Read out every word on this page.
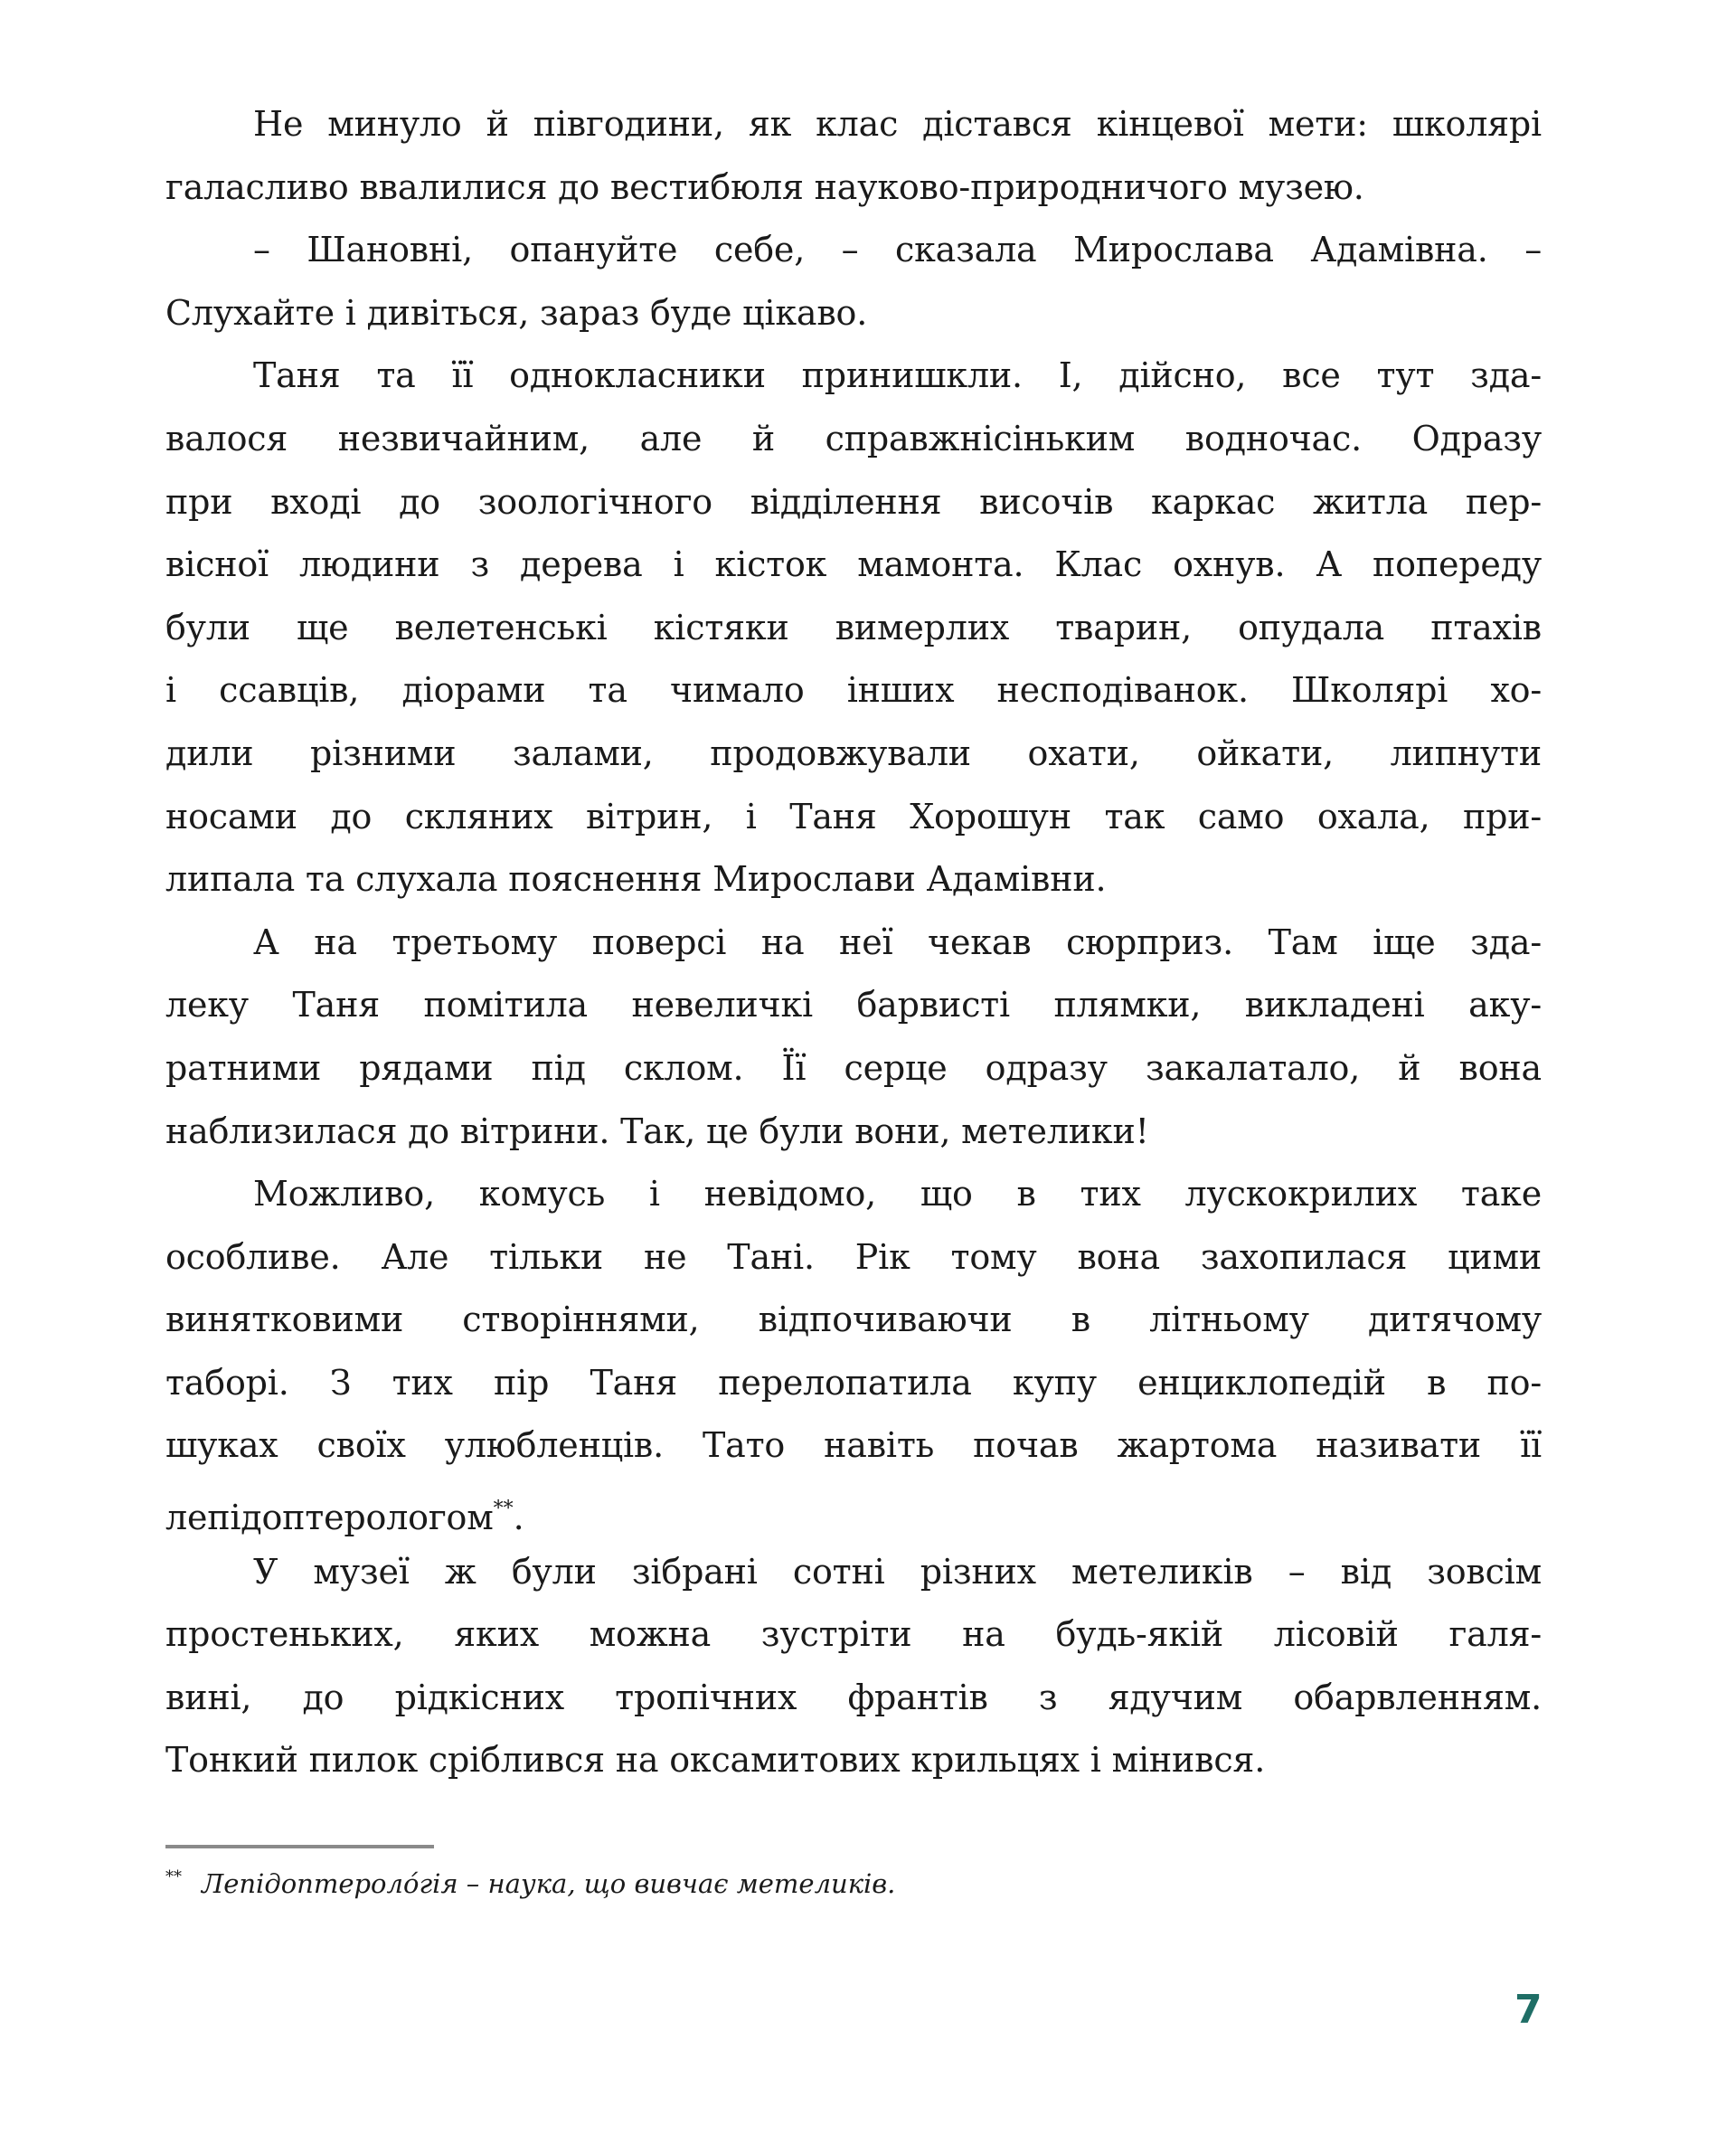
Не минуло й півгодини, як клас дістався кінцевої мети: школярі
галасливо ввалилися до вестибюля науково-природничого музею.
– Шановні, опануйте себе, – сказала Мирослава Адамівна. –
Слухайте і дивіться, зараз буде цікаво.
Таня та її однокласники принишкли. І, дійсно, все тут зда-
валося незвичайним, але й справжнісіньким водночас. Одразу
при вході до зоологічного відділення височів каркас житла пер-
вісної людини з дерева і кісток мамонта. Клас охнув. А попереду
були ще велетенські кістяки вимерлих тварин, опудала птахів
і ссавців, діорами та чимало інших несподіванок. Школярі хо-
дили різними залами, продовжували охати, ойкати, липнути
носами до скляних вітрин, і Таня Хорошун так само охала, при-
липала та слухала пояснення Мирослави Адамівни.
А на третьому поверсі на неї чекав сюрприз. Там іще зда-
леку Таня помітила невеличкі барвисті плямки, викладені аку-
ратними рядами під склом. Її серце одразу закалатало, й вона
наблизилася до вітрини. Так, це були вони, метелики!
Можливо, комусь і невідомо, що в тих лускокрилих таке
особливе. Але тільки не Тані. Рік тому вона захопилася цими
винятковими створіннями, відпочиваючи в літньому дитячому
таборі. З тих пір Таня перелопатила купу енциклопедій в по-
шуках своїх улюбленців. Тато навіть почав жартома називати її
лепідоптерологом**.
У музеї ж були зібрані сотні різних метеликів – від зовсім
простеньких, яких можна зустріти на будь-якій лісовій галя-
вині, до рідкісних тропічних франтів з ядучим обарвленням.
Тонкий пилок сріблився на оксамитових крильцях і мінився.
** Лепідоптероло́гія – наука, що вивчає метеликів.
7
